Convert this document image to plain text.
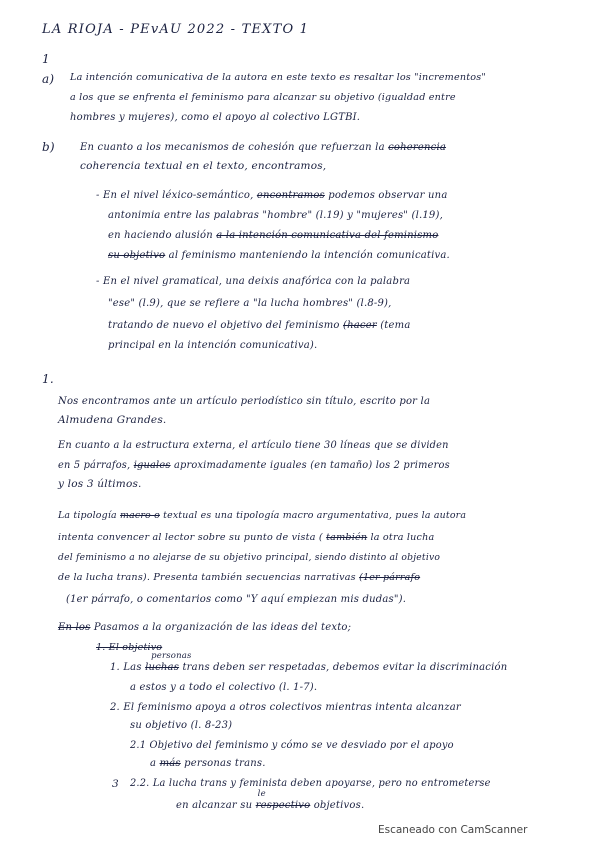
LA RIOJA - PEvAU 2022 - TEXTO 1
1
a) La intención comunicativa de la autora en este texto es resaltar los "incrementos"
a los que se enfrenta el feminismo para alcanzar su objetivo (igualdad entre
hombres y mujeres), como el apoyo al colectivo LGTBI.
b)	En cuanto a los mecanismos de cohesión que refuerzan la coherencia
coherencia textual en el texto, encontramos,
- En el nivel léxico-semántico, encontramos podemos observar una
antonimia entre las palabras "hombre" (l.19) y "mujeres" (l.19),
en haciendo alusión a la intención comunicativa del feminismo
su objetivo al feminismo manteniendo la intención comunicativa.
- En el nivel gramatical, una deixis anafórica con la palabra
"ese" (l.9), que se refiere a "la lucha hombres" (l.8-9),
tratando de nuevo el objetivo del feminismo (hacer (tema
principal en la intención comunicativa).
1.
Nos encontramos ante un artículo periodístico sin título, escrito por la
Almudena Grandes.
En cuanto a la estructura externa, el artículo tiene 30 líneas que se dividen
en 5 párrafos, iguales aproximadamente iguales (en tamaño) los 2 primeros
y los 3 últimos.
La tipología macro o textual es una tipología macro argumentativa, pues la autora
intenta convencer al lector sobre su punto de vista ( también la otra lucha
del feminismo a no alejarse de su objetivo principal, siendo distinto al objetivo
de la lucha trans). Presenta también secuencias narrativas (1er párrafo
(1er párrafo, o comentarios como "Y aquí empiezan mis dudas").
En los Pasamos a la organización de las ideas del texto;
1. El objetivo
1. Las luchas
personas
trans deben ser respetadas, debemos evitar la discriminación
a estos y a todo el colectivo (l. 1-7).
2. El feminismo apoya a otros colectivos mientras intenta alcanzar
su objetivo (l. 8-23)
2.1 Objetivo del feminismo y cómo se ve desviado por el apoyo
a más personas trans.
3 2.2. La lucha trans y feminista deben apoyarse, pero no entrometerse
en alcanzar su
le
respectivo objetivos.
Escaneado con CamScanner
